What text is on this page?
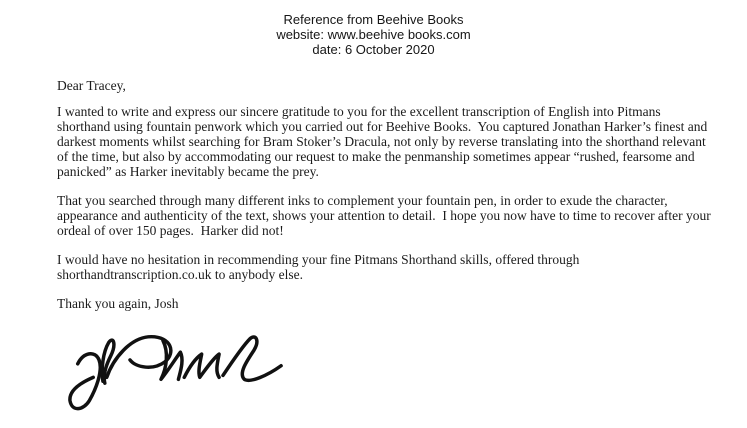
Reference from Beehive Books
website: www.beehive books.com
date: 6 October 2020

Dear Tracey,

I wanted to write and express our sincere gratitude to you for the excellent transcription of English into Pitmans shorthand using fountain penwork which you carried out for Beehive Books.  You captured Jonathan Harker’s finest and darkest moments whilst searching for Bram Stoker’s Dracula, not only by reverse translating into the shorthand relevant of the time, but also by accommodating our request to make the penmanship sometimes appear “rushed, fearsome and panicked” as Harker inevitably became the prey.

That you searched through many different inks to complement your fountain pen, in order to exude the character, appearance and authenticity of the text, shows your attention to detail.  I hope you now have to time to recover after your ordeal of over 150 pages.  Harker did not!

I would have no hesitation in recommending your fine Pitmans Shorthand skills, offered through shorthandtranscription.co.uk to anybody else.

Thank you again, Josh
